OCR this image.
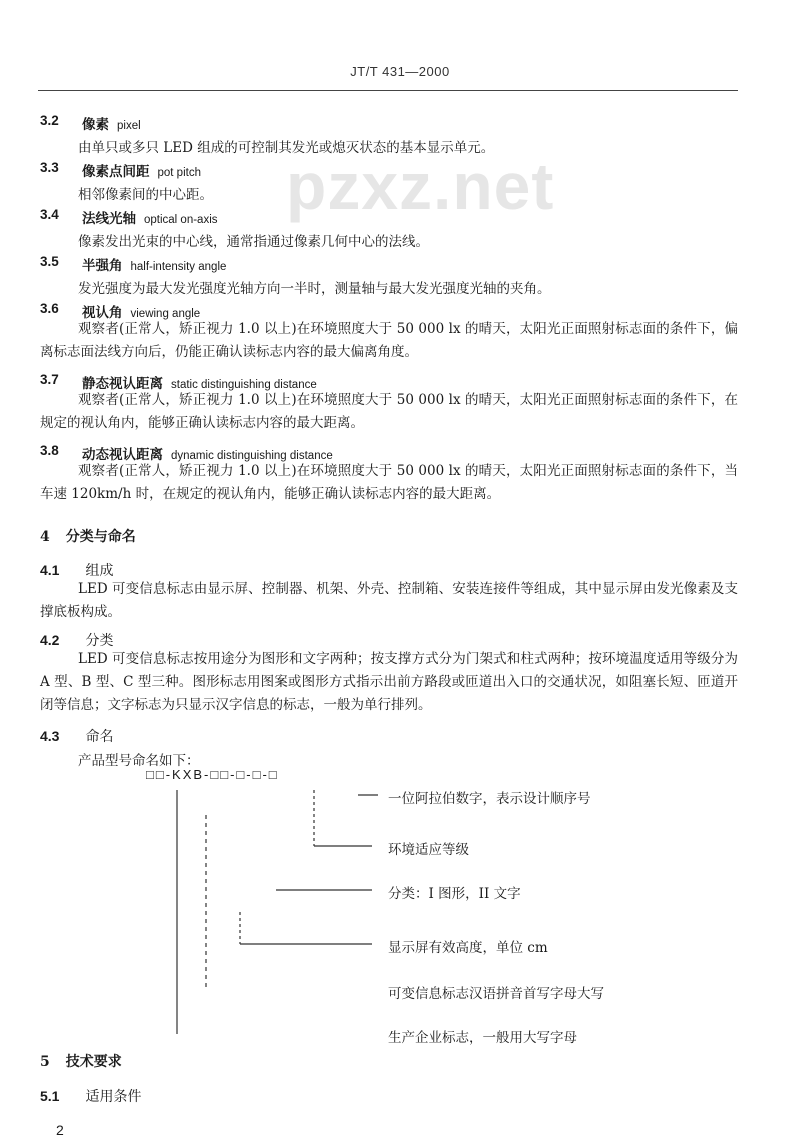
JT/T 431—2000
pzxz.net
3.2 像素 pixel
由单只或多只 LED 组成的可控制其发光或熄灭状态的基本显示单元。
3.3 像素点间距 pot pitch
相邻像素间的中心距。
3.4 法线光轴 optical on-axis
像素发出光束的中心线，通常指通过像素几何中心的法线。
3.5 半强角 half-intensity angle
发光强度为最大发光强度光轴方向一半时，测量轴与最大发光强度光轴的夹角。
3.6 视认角 viewing angle
观察者(正常人，矫正视力 1.0 以上)在环境照度大于 50 000 lx 的晴天，太阳光正面照射标志面的条件下，偏离标志面法线方向后，仍能正确认读标志内容的最大偏离角度。
3.7 静态视认距离 static distinguishing distance
观察者(正常人，矫正视力 1.0 以上)在环境照度大于 50 000 lx 的晴天，太阳光正面照射标志面的条件下，在规定的视认角内，能够正确认读标志内容的最大距离。
3.8 动态视认距离 dynamic distinguishing distance
观察者(正常人，矫正视力 1.0 以上)在环境照度大于 50 000 lx 的晴天，太阳光正面照射标志面的条件下，当车速 120km/h 时，在规定的视认角内，能够正确认读标志内容的最大距离。
4 分类与命名
4.1 组成
LED 可变信息标志由显示屏、控制器、机架、外壳、控制箱、安装连接件等组成，其中显示屏由发光像素及支撑底板构成。
4.2 分类
LED 可变信息标志按用途分为图形和文字两种；按支撑方式分为门架式和柱式两种；按环境温度适用等级分为 A 型、B 型、C 型三种。图形标志用图案或图形方式指示出前方路段或匝道出入口的交通状况，如阻塞长短、匝道开闭等信息；文字标志为只显示汉字信息的标志，一般为单行排列。
4.3 命名
产品型号命名如下：
□□-KXB-□□-□-□-□
一位阿拉伯数字，表示设计顺序号
环境适应等级
分类：I 图形，II 文字
显示屏有效高度，单位 cm
可变信息标志汉语拼音首写字母大写
生产企业标志，一般用大写字母
5 技术要求
5.1 适用条件
2
